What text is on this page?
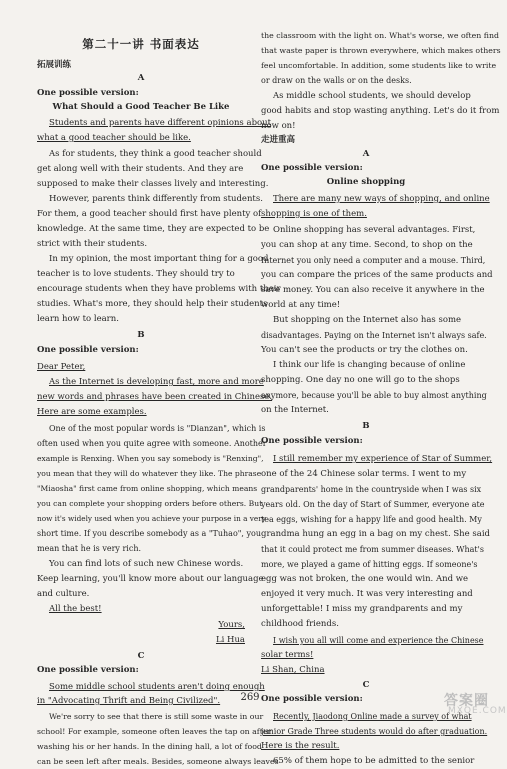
第二十一讲 书面表达
拓展训练
A
One possible version:
What Should a Good Teacher Be Like
Students and parents have different opinions about
what a good teacher should be like.
As for students, they think a good teacher should
get along well with their students. And they are
supposed to make their classes lively and interesting.
However, parents think differently from students.
For them, a good teacher should first have plenty of
knowledge. At the same time, they are expected to be
strict with their students.
In my opinion, the most important thing for a good
teacher is to love students. They should try to
encourage students when they have problems with their
studies. What's more, they should help their students
learn how to learn.
B
One possible version:
Dear Peter,
As the Internet is developing fast, more and more
new words and phrases have been created in Chinese.
Here are some examples.
One of the most popular words is "Dianzan", which is
often used when you quite agree with someone. Another
example is Renxing. When you say somebody is "Renxing",
you mean that they will do whatever they like. The phrase
"Miaosha" first came from online shopping, which means
you can complete your shopping orders before others. But
now it's widely used when you achieve your purpose in a very
short time. If you describe somebody as a "Tuhao", you
mean that he is very rich.
You can find lots of such new Chinese words.
Keep learning, you'll know more about our language
and culture.
All the best!
Yours,
Li Hua
C
One possible version:
Some middle school students aren't doing enough
in "Advocating Thrift and Being Civilized".
We're sorry to see that there is still some waste in our
school! For example, someone often leaves the tap on after
washing his or her hands. In the dining hall, a lot of food
can be seen left after meals. Besides, someone always leaves
the classroom with the light on. What's worse, we often find
that waste paper is thrown everywhere, which makes others
feel uncomfortable. In addition, some students like to write
or draw on the walls or on the desks.
As middle school students, we should develop
good habits and stop wasting anything. Let's do it from
now on!
走进重高
A
One possible version:
Online shopping
There are many new ways of shopping, and online
shopping is one of them.
Online shopping has several advantages. First,
you can shop at any time. Second, to shop on the
Internet you only need a computer and a mouse. Third,
you can compare the prices of the same products and
save money. You can also receive it anywhere in the
world at any time!
But shopping on the Internet also has some
disadvantages. Paying on the Internet isn't always safe.
You can't see the products or try the clothes on.
I think our life is changing because of online
shopping. One day no one will go to the shops
anymore, because you'll be able to buy almost anything
on the Internet.
B
One possible version:
I still remember my experience of Star of Summer,
one of the 24 Chinese solar terms. I went to my
grandparents' home in the countryside when I was six
years old. On the day of Start of Summer, everyone ate
tea eggs, wishing for a happy life and good health. My
grandma hung an egg in a bag on my chest. She said
that it could protect me from summer diseases. What's
more, we played a game of hitting eggs. If someone's
egg was not broken, the one would win. And we
enjoyed it very much. It was very interesting and
unforgettable! I miss my grandparents and my
childhood friends.
I wish you all will come and experience the Chinese
solar terms!
Li Shan, China
C
One possible version:
Recently, Jiaodong Online made a survey of what
junior Grade Three students would do after graduation.
Here is the result.
65% of them hope to be admitted to the senior
269	答案圈
MXQE.COM
